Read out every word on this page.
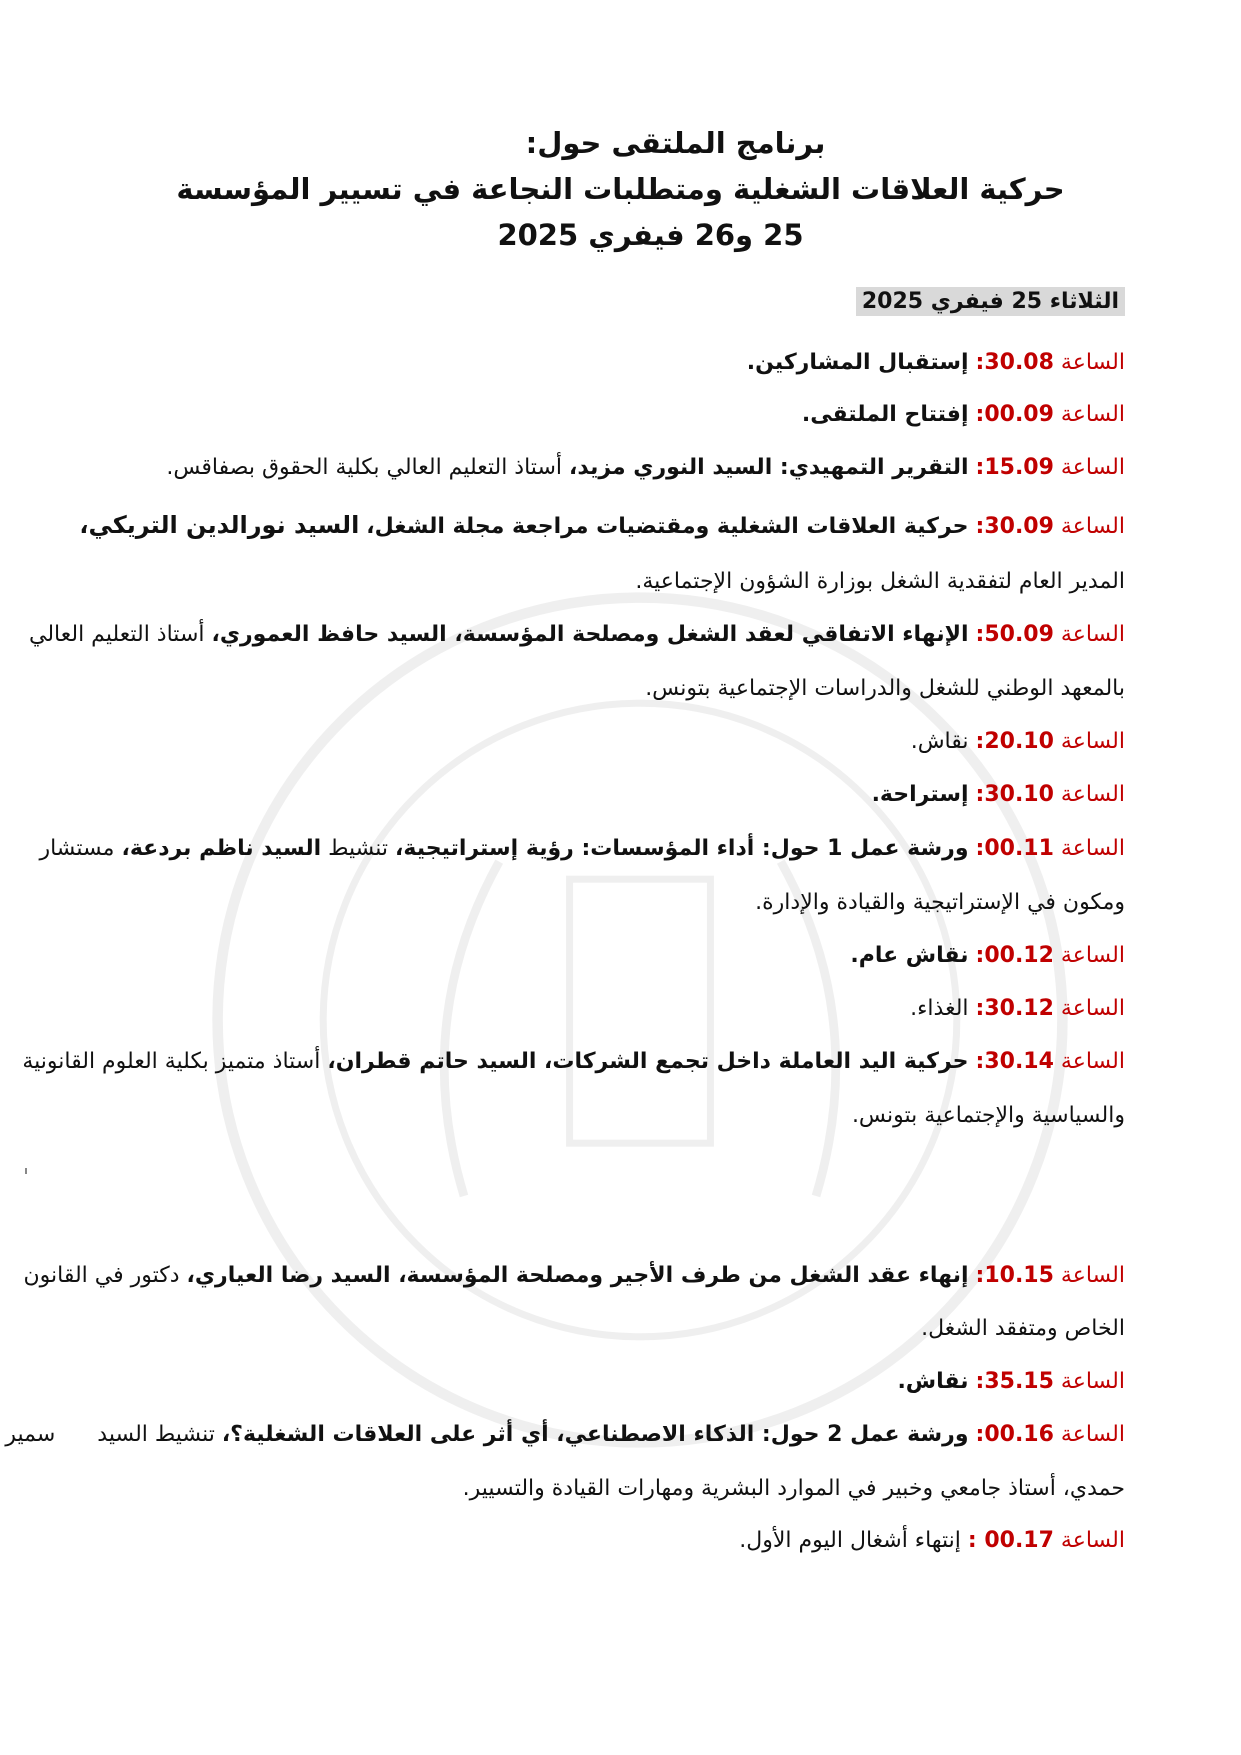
برنامج الملتقى حول:
حركية العلاقات الشغلية ومتطلبات النجاعة في تسيير المؤسسة
25 و26 فيفري 2025
الثلاثاء 25 فيفري 2025
الساعة 30.08: إستقبال المشاركين.
الساعة 00.09: إفتتاح الملتقى.
الساعة 15.09: التقرير التمهيدي: السيد النوري مزيد، أستاذ التعليم العالي بكلية الحقوق بصفاقس.
الساعة 30.09: حركية العلاقات الشغلية ومقتضيات مراجعة مجلة الشغل، السيد نورالدين التريكي،
المدير العام لتفقدية الشغل بوزارة الشؤون الإجتماعية.
الساعة 50.09: الإنهاء الاتفاقي لعقد الشغل ومصلحة المؤسسة، السيد حافظ العموري، أستاذ التعليم العالي
بالمعهد الوطني للشغل والدراسات الإجتماعية بتونس.
الساعة 20.10: نقاش.
الساعة 30.10: إستراحة.
الساعة 00.11: ورشة عمل 1 حول: أداء المؤسسات: رؤية إستراتيجية، تنشيط السيد ناظم بردعة، مستشار
ومكون في الإستراتيجية والقيادة والإدارة.
الساعة 00.12: نقاش عام.
الساعة 30.12: الغذاء.
الساعة 30.14: حركية اليد العاملة داخل تجمع الشركات، السيد حاتم قطران، أستاذ متميز بكلية العلوم القانونية
والسياسية والإجتماعية بتونس.
الساعة 10.15: إنهاء عقد الشغل من طرف الأجير ومصلحة المؤسسة، السيد رضا العياري، دكتور في القانون
الخاص ومتفقد الشغل.
الساعة 35.15: نقاش.
الساعة 00.16: ورشة عمل 2 حول: الذكاء الاصطناعي، أي أثر على العلاقات الشغلية؟، تنشيط السيد      سمير
حمدي، أستاذ جامعي وخبير في الموارد البشرية ومهارات القيادة والتسيير.
الساعة 00.17 : إنتهاء أشغال اليوم الأول.
